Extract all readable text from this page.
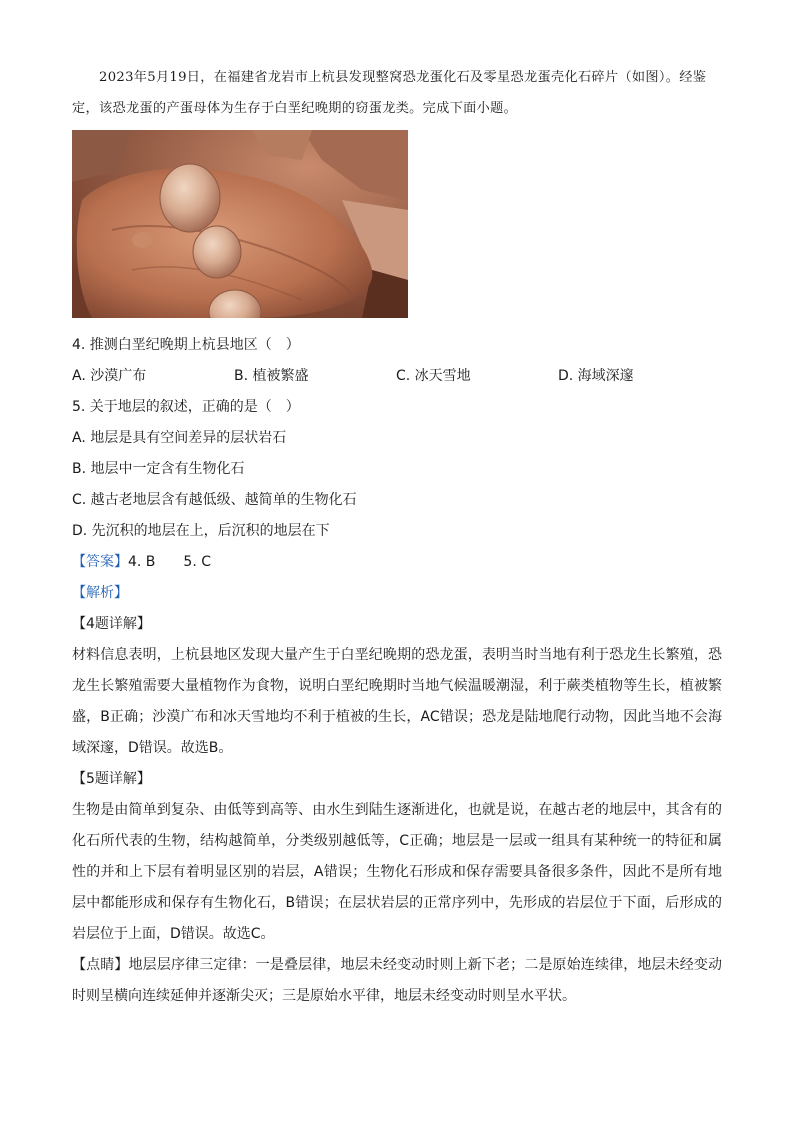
2023年5月19日，在福建省龙岩市上杭县发现整窝恐龙蛋化石及零星恐龙蛋壳化石碎片（如图）。经鉴定，该恐龙蛋的产蛋母体为生存于白垩纪晚期的窃蛋龙类。完成下面小题。

4. 推测白垩纪晚期上杭县地区（　）

A. 沙漠广布	B. 植被繁盛	C. 冰天雪地	D. 海域深邃

5. 关于地层的叙述，正确的是（　）

A. 地层是具有空间差异的层状岩石

B. 地层中一定含有生物化石

C. 越古老地层含有越低级、越简单的生物化石

D. 先沉积的地层在上，后沉积的地层在下

【答案】4. B　　5. C
【解析】
【4题详解】

材料信息表明，上杭县地区发现大量产生于白垩纪晚期的恐龙蛋，表明当时当地有利于恐龙生长繁殖，恐龙生长繁殖需要大量植物作为食物，说明白垩纪晚期时当地气候温暖潮湿，利于蕨类植物等生长，植被繁盛，B正确；沙漠广布和冰天雪地均不利于植被的生长，AC错误；恐龙是陆地爬行动物，因此当地不会海域深邃，D错误。故选B。

【5题详解】

生物是由简单到复杂、由低等到高等、由水生到陆生逐渐进化，也就是说，在越古老的地层中，其含有的化石所代表的生物，结构越简单，分类级别越低等，C正确；地层是一层或一组具有某种统一的特征和属性的并和上下层有着明显区别的岩层，A错误；生物化石形成和保存需要具备很多条件，因此不是所有地层中都能形成和保存有生物化石，B错误；在层状岩层的正常序列中，先形成的岩层位于下面，后形成的岩层位于上面，D错误。故选C。

【点睛】地层层序律三定律：一是叠层律，地层未经变动时则上新下老；二是原始连续律，地层未经变动时则呈横向连续延伸并逐渐尖灭；三是原始水平律，地层未经变动时则呈水平状。
